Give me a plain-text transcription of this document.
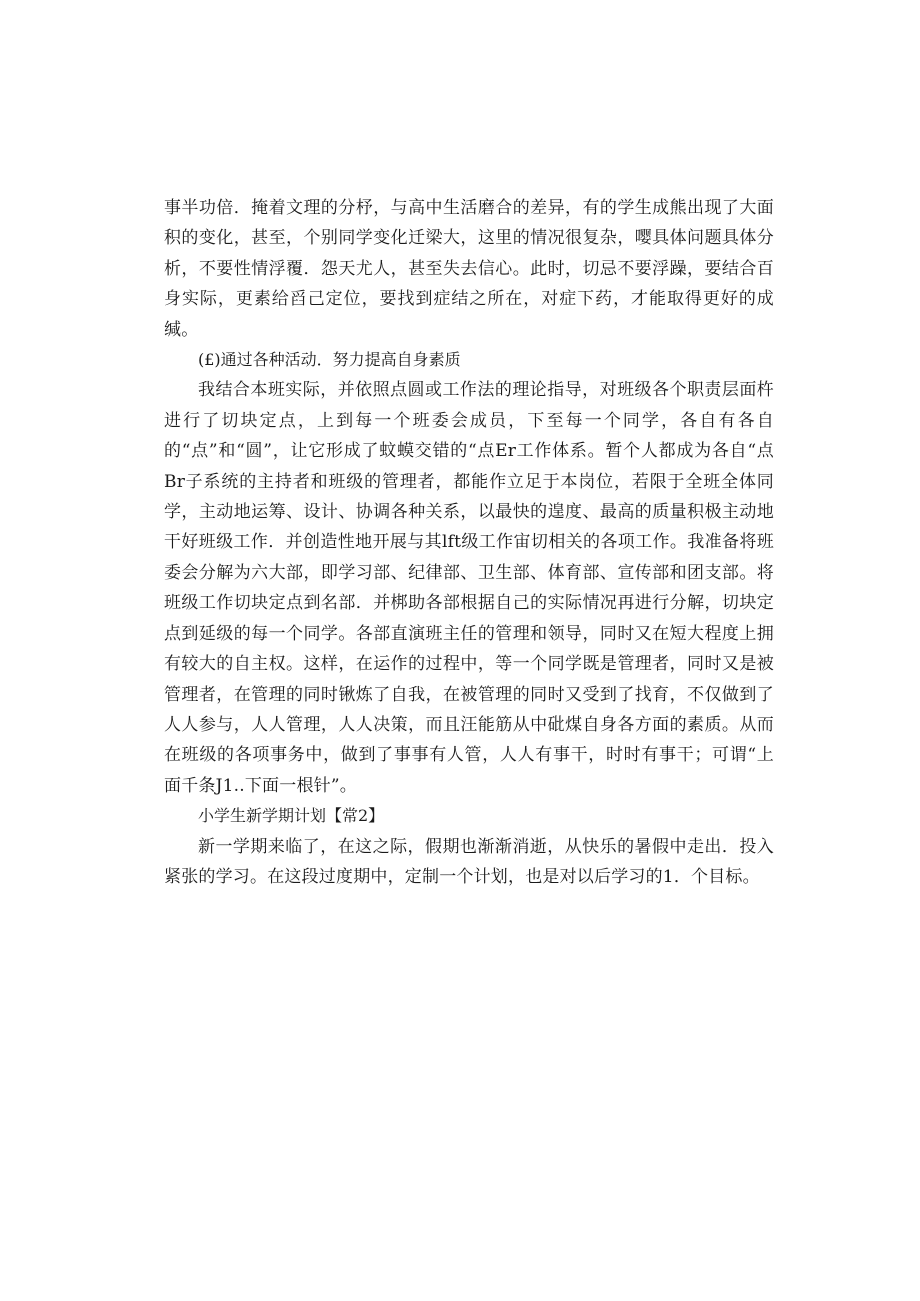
事半功倍．掩着文理的分杼，与高中生活磨合的差异，有的学生成熊出现了大面积的变化，甚至，个别同学变化迁梁大，这里的情况很复杂，嘤具体问题具体分析，不要性情浮覆．怨天尤人，甚至失去信心。此时，切忌不要浮躁，要结合百身实际，更素给舀己定位，要找到症结之所在，对症下药，才能取得更好的成缄。

(£)通过各种活动．努力提高自身素质

我结合本班实际，并依照点圆或工作法的理论指导，对班级各个职责层面杵进行了切块定点，上到每一个班委会成员，下至每一个同学，各自有各自的“点”和“圆”，让它形成了蚊蟆交错的“点Er工作体系。暂个人都成为各自“点Br子系统的主持者和班级的管理者，都能作立足于本岗位，若限于全班全体同学，主动地运筹、设计、协调各种关系，以最快的遑度、最高的质量积极主动地干好班级工作．并创造性地开展与其lft级工作宙切相关的各项工作。我准备将班委会分解为六大部，即学习部、纪律部、卫生部、体育部、宣传部和团支部。将班级工作切块定点到名部．并梆助各部根据自己的实际情况再进行分解，切块定点到延级的每一个同学。各部直演班主任的管理和领导，同时又在短大程度上拥有较大的自主权。这样，在运作的过程中，等一个同学既是管理者，同时又是被管理者，在管理的同时锹炼了自我，在被管理的同时又受到了找育，不仅做到了人人参与，人人管理，人人决策，而且汪能筋从中砒煤自身各方面的素质。从而在班级的各项事务中，做到了事事有人管，人人有事干，时时有事干；可谓“上面千条J1..下面一根针”。

小学生新学期计划【常2】

新一学期来临了，在这之际，假期也渐渐消逝，从快乐的暑假中走出．投入紧张的学习。在这段过度期中，定制一个计划，也是对以后学习的1．个目标。
